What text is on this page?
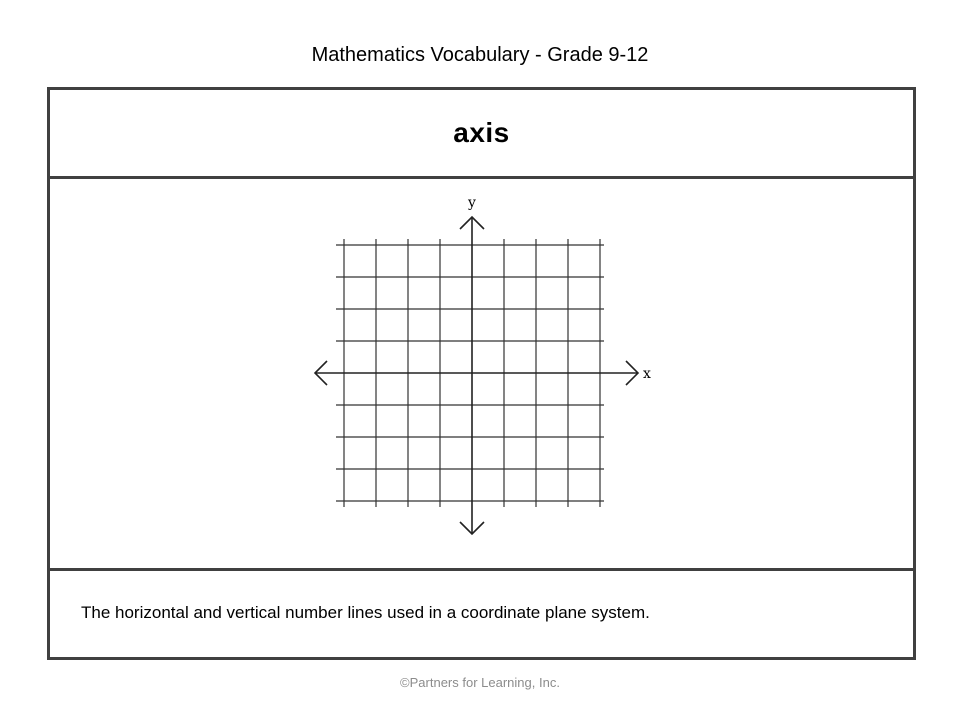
Mathematics Vocabulary - Grade 9-12
axis
x
y
The horizontal and vertical number lines used in a coordinate plane system.
©Partners for Learning, Inc.
